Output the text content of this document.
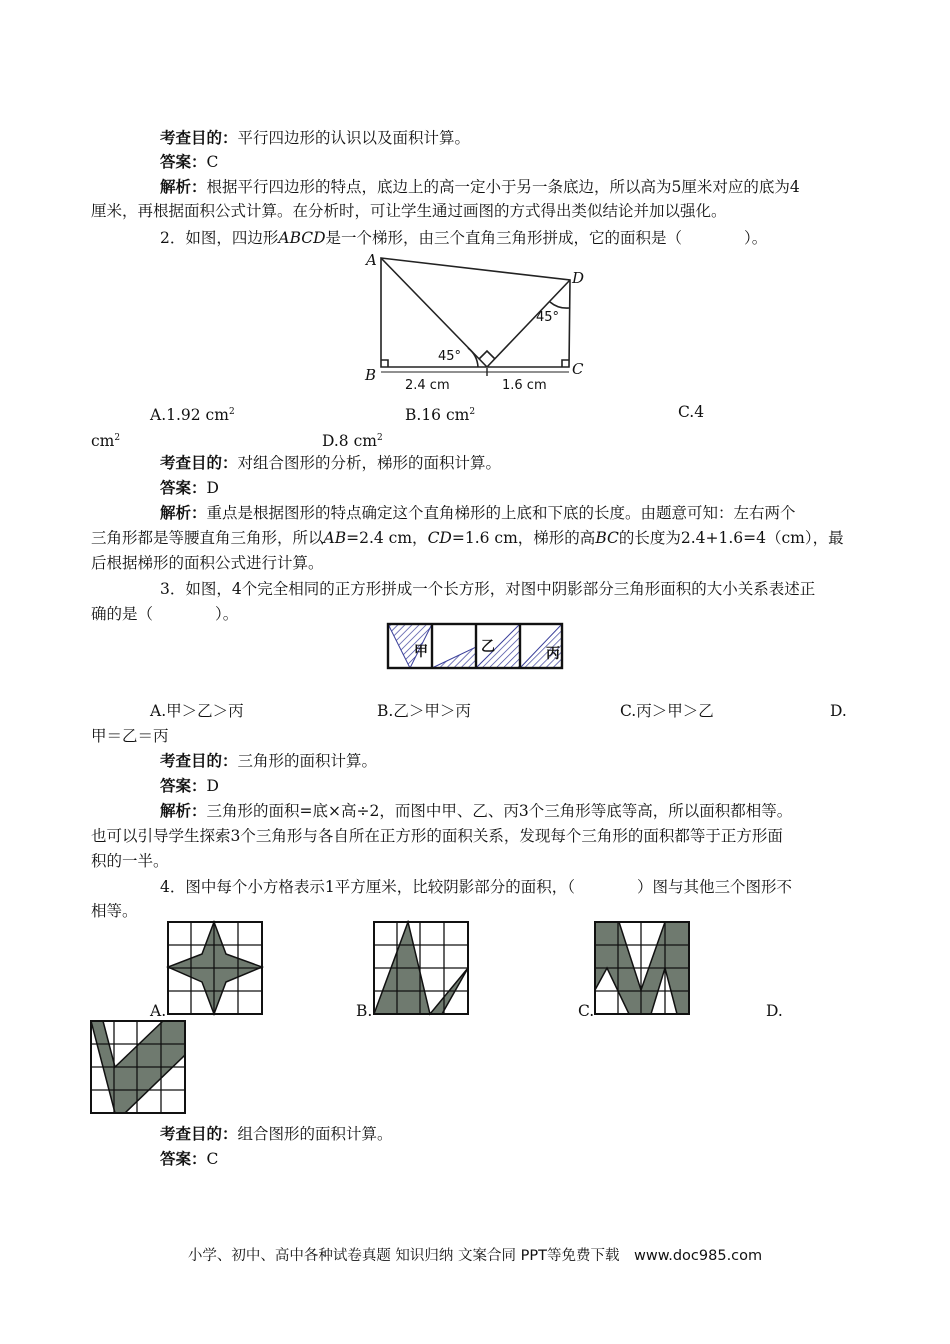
考查目的：平行四边形的认识以及面积计算。
答案：C
解析：根据平行四边形的特点，底边上的高一定小于另一条底边，所以高为5厘米对应的底为4
厘米，再根据面积公式计算。在分析时，可让学生通过画图的方式得出类似结论并加以强化。
2．如图，四边形ABCD是一个梯形，由三个直角三角形拼成，它的面积是（　　　　）。
A
D
B	C
45°
45°
2.4 cm	1.6 cm
A.1.92 $cm^2$	B.16 $cm^2$	C.4
$cm^2$	D.8 $cm^2$
考查目的：对组合图形的分析，梯形的面积计算。
答案：D
解析：重点是根据图形的特点确定这个直角梯形的上底和下底的长度。由题意可知：左右两个
三角形都是等腰直角三角形，所以AB=2.4 cm，CD=1.6 cm，梯形的高BC的长度为2.4+1.6=4（cm），最
后根据梯形的面积公式进行计算。
3．如图，4个完全相同的正方形拼成一个长方形，对图中阴影部分三角形面积的大小关系表述正
确的是（　　　　）。
甲	乙	丙
A.甲＞乙＞丙	B.乙＞甲＞丙	C.丙＞甲＞乙	D.
甲＝乙＝丙
考查目的：三角形的面积计算。
答案：D
解析：三角形的面积=底×高÷2，而图中甲、乙、丙3个三角形等底等高，所以面积都相等。
也可以引导学生探索3个三角形与各自所在正方形的面积关系，发现每个三角形的面积都等于正方形面
积的一半。
4．图中每个小方格表示1平方厘米，比较阴影部分的面积，（　　　　）图与其他三个图形不
相等。
A.	B.	C.	D.
考查目的：组合图形的面积计算。
答案：C
小学、初中、高中各种试卷真题 知识归纳 文案合同 PPT等免费下载　www.doc985.com
